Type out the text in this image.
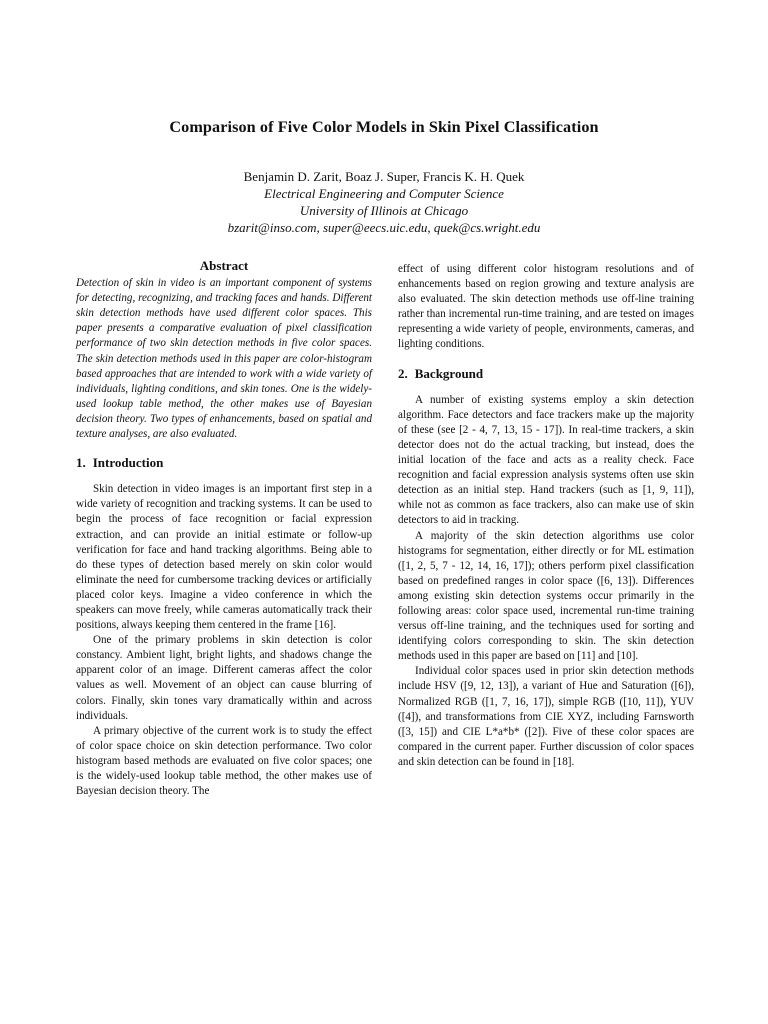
Comparison of Five Color Models in Skin Pixel Classification
Benjamin D. Zarit, Boaz J. Super, Francis K. H. Quek
Electrical Engineering and Computer Science
University of Illinois at Chicago
bzarit@inso.com, super@eecs.uic.edu, quek@cs.wright.edu
Abstract

Detection of skin in video is an important component of systems for detecting, recognizing, and tracking faces and hands. Different skin detection methods have used different color spaces. This paper presents a comparative evaluation of pixel classification performance of two skin detection methods in five color spaces. The skin detection methods used in this paper are color-histogram based approaches that are intended to work with a wide variety of individuals, lighting conditions, and skin tones. One is the widely-used lookup table method, the other makes use of Bayesian decision theory. Two types of enhancements, based on spatial and texture analyses, are also evaluated.

1. Introduction

Skin detection in video images is an important first step in a wide variety of recognition and tracking systems. It can be used to begin the process of face recognition or facial expression extraction, and can provide an initial estimate or follow-up verification for face and hand tracking algorithms. Being able to do these types of detection based merely on skin color would eliminate the need for cumbersome tracking devices or artificially placed color keys. Imagine a video conference in which the speakers can move freely, while cameras automatically track their positions, always keeping them centered in the frame [16].

One of the primary problems in skin detection is color constancy. Ambient light, bright lights, and shadows change the apparent color of an image. Different cameras affect the color values as well. Movement of an object can cause blurring of colors. Finally, skin tones vary dramatically within and across individuals.

A primary objective of the current work is to study the effect of color space choice on skin detection performance. Two color histogram based methods are evaluated on five color spaces; one is the widely-used lookup table method, the other makes use of Bayesian decision theory. The

effect of using different color histogram resolutions and of enhancements based on region growing and texture analysis are also evaluated. The skin detection methods use off-line training rather than incremental run-time training, and are tested on images representing a wide variety of people, environments, cameras, and lighting conditions.

2. Background

A number of existing systems employ a skin detection algorithm. Face detectors and face trackers make up the majority of these (see [2 - 4, 7, 13, 15 - 17]). In real-time trackers, a skin detector does not do the actual tracking, but instead, does the initial location of the face and acts as a reality check. Face recognition and facial expression analysis systems often use skin detection as an initial step. Hand trackers (such as [1, 9, 11]), while not as common as face trackers, also can make use of skin detectors to aid in tracking.

A majority of the skin detection algorithms use color histograms for segmentation, either directly or for ML estimation ([1, 2, 5, 7 - 12, 14, 16, 17]); others perform pixel classification based on predefined ranges in color space ([6, 13]). Differences among existing skin detection systems occur primarily in the following areas: color space used, incremental run-time training versus off-line training, and the techniques used for sorting and identifying colors corresponding to skin. The skin detection methods used in this paper are based on [11] and [10].

Individual color spaces used in prior skin detection methods include HSV ([9, 12, 13]), a variant of Hue and Saturation ([6]), Normalized RGB ([1, 7, 16, 17]), simple RGB ([10, 11]), YUV ([4]), and transformations from CIE XYZ, including Farnsworth ([3, 15]) and CIE L*a*b* ([2]). Five of these color spaces are compared in the current paper. Further discussion of color spaces and skin detection can be found in [18].
